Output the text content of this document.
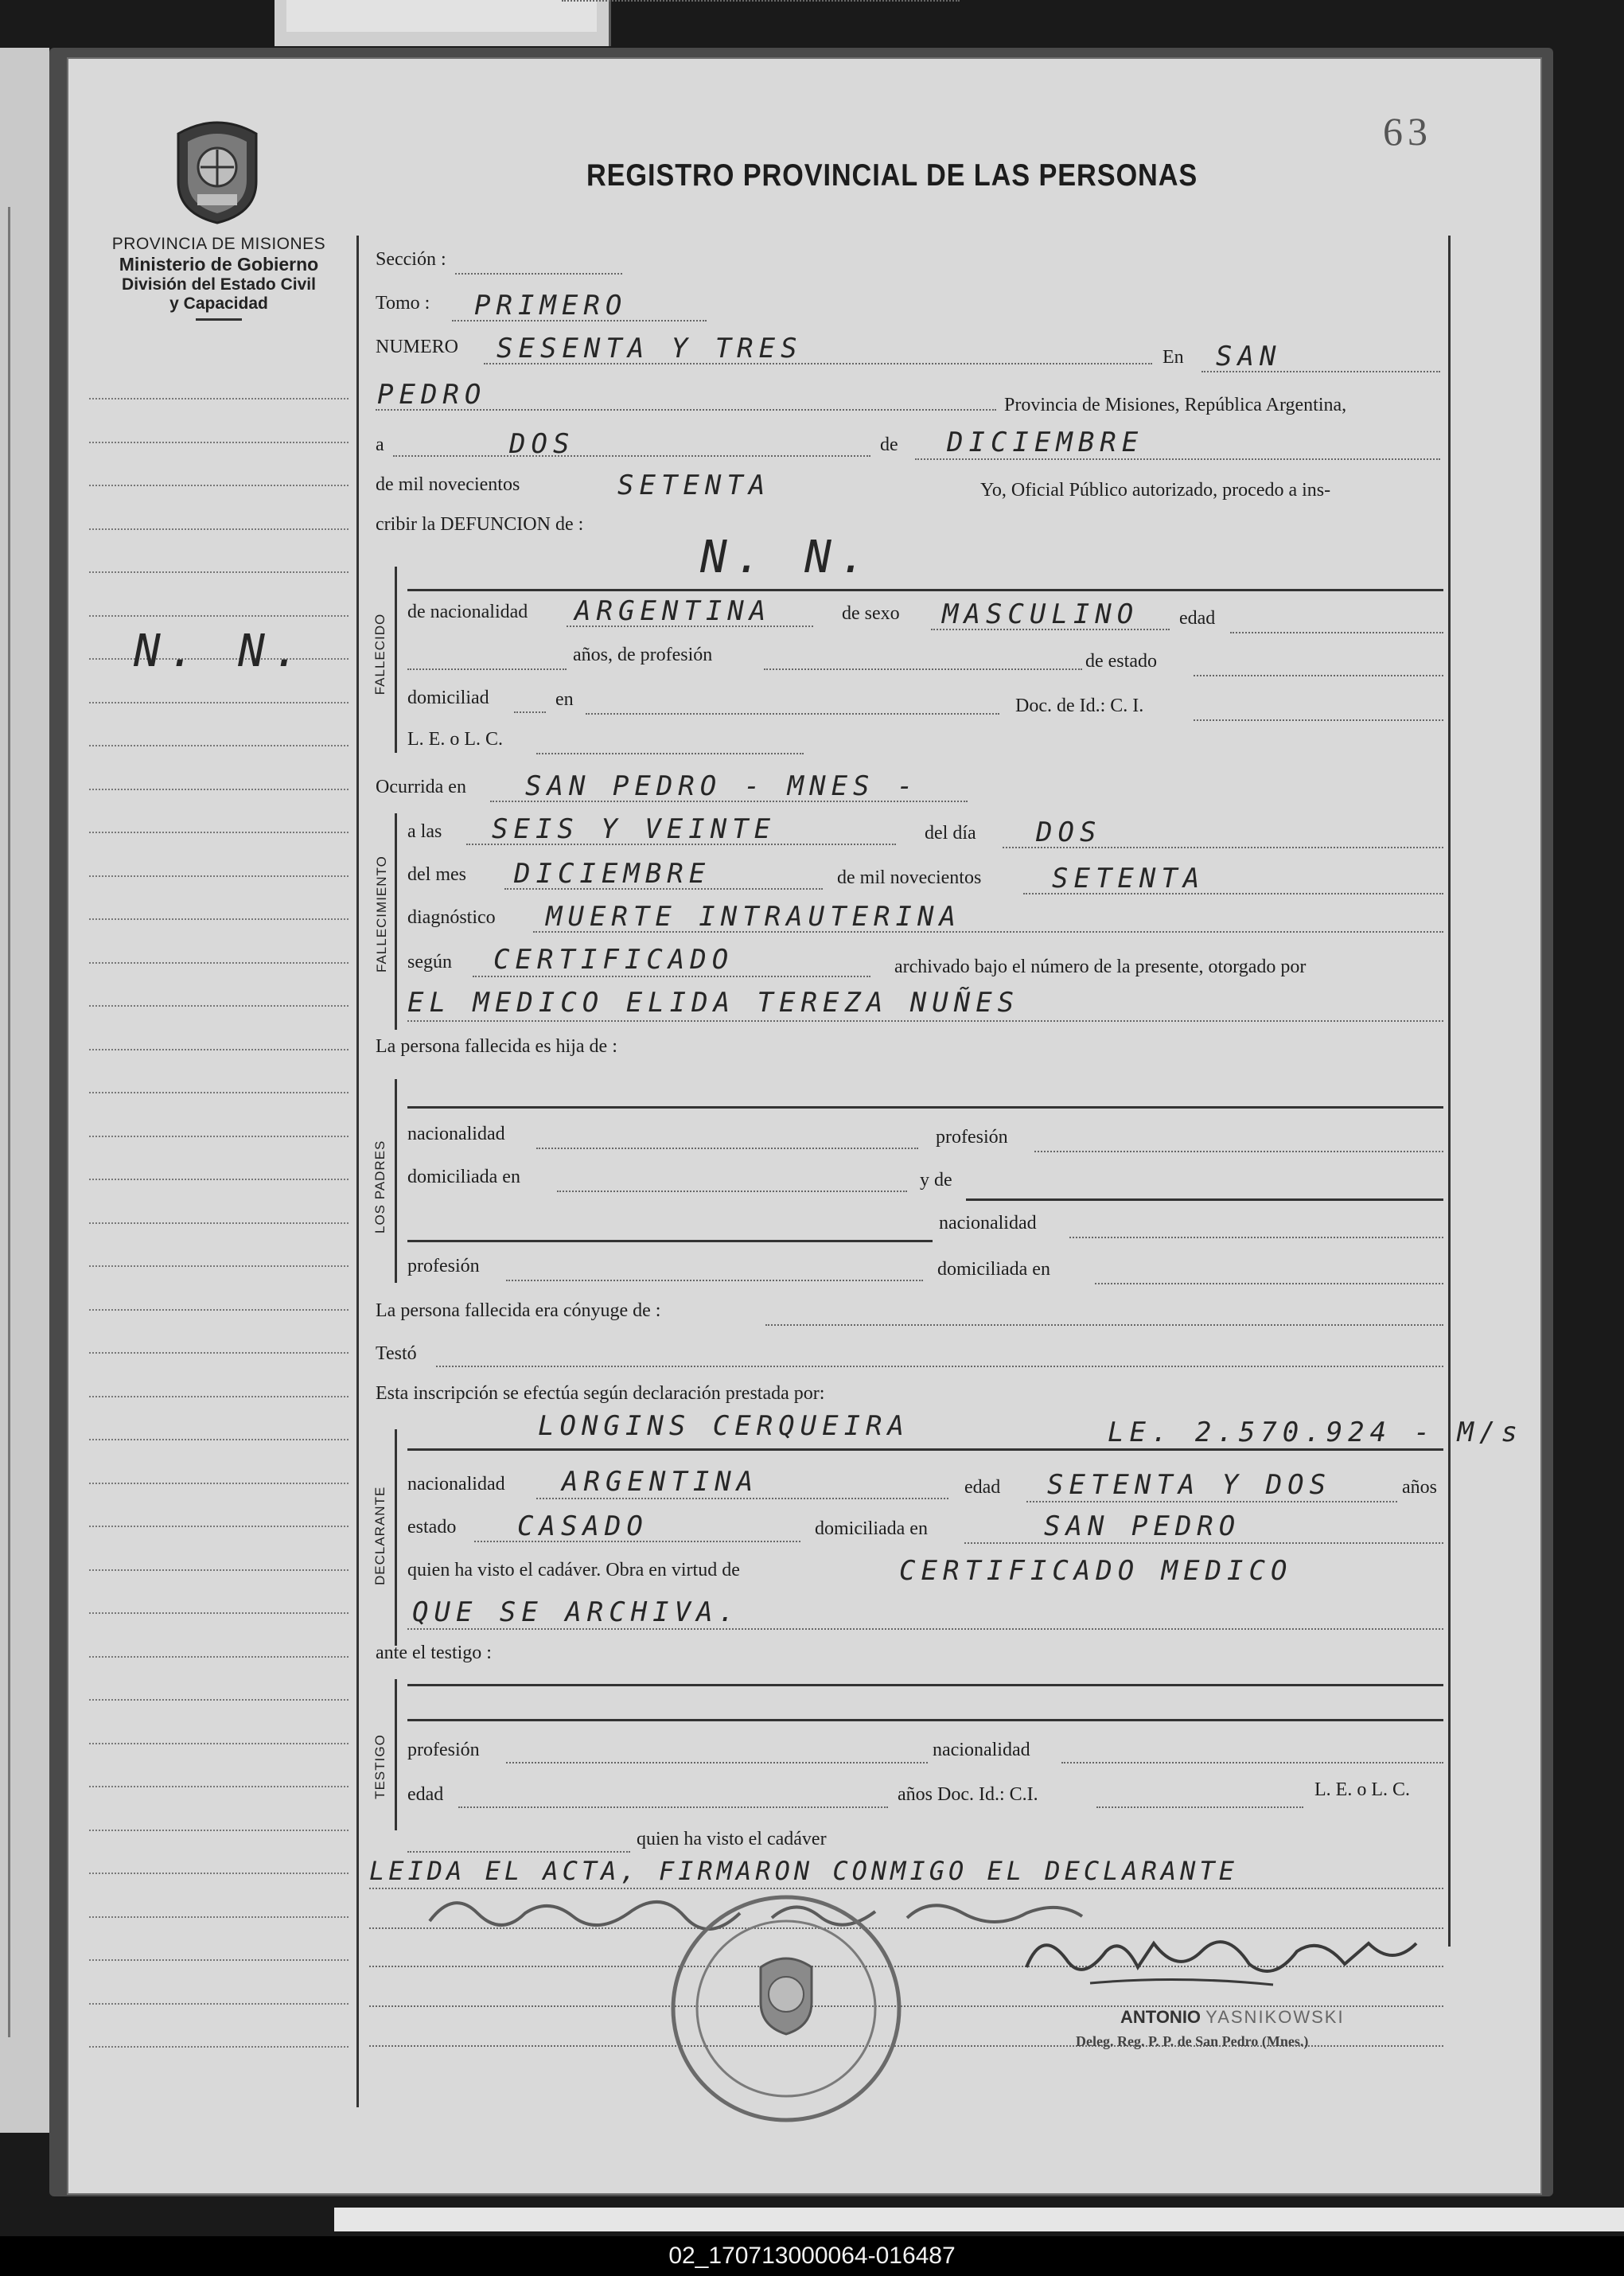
PROVINCIA DE MISIONES
Ministerio de Gobierno
División del Estado Civil
y Capacidad
63
REGISTRO PROVINCIAL DE LAS PERSONAS
N. N.
Sección :
Tomo : PRIMERO
NUMERO SESENTA Y TRES	En SAN
PEDRO	Provincia de Misiones, República Argentina,
a	DOS	de DICIEMBRE
de mil novecientos	SETENTA	Yo, Oficial Público autorizado, procedo a ins-
cribir la DEFUNCION de :
N. N.
FALLECIDO
de nacionalidad ARGENTINA	de sexo MASCULINO edad
años, de profesión	de estado
domiciliad	en	Doc. de Id.: C. I.
L. E. o L. C.
Ocurrida en SAN PEDRO - MNES -
FALLECIMIENTO
a las SEIS Y VEINTE	del día DOS
del mes DICIEMBRE	de mil novecientos	SETENTA
diagnóstico MUERTE INTRAUTERINA
según CERTIFICADO	archivado bajo el número de la presente, otorgado por
EL MEDICO ELIDA TEREZA NUÑES
La persona fallecida es hija de :
LOS PADRES
nacionalidad	profesión
domiciliada en	y de
nacionalidad
profesión	domiciliada en
La persona fallecida era cónyuge de :
Testó
Esta inscripción se efectúa según declaración prestada por:
LONGINS CERQUEIRA	LE. 2.570.924 - M/s
DECLARANTE
nacionalidad ARGENTINA	edad SETENTA Y DOS	años
estado CASADO	domiciliada en	SAN PEDRO
quien ha visto el cadáver. Obra en virtud de	CERTIFICADO MEDICO
QUE SE ARCHIVA.
ante el testigo :
TESTIGO profesión	nacionalidad
edad	años Doc. Id.: C.I.	L. E. o L. C.
quien ha visto el cadáver
LEIDA EL ACTA, FIRMARON CONMIGO EL DECLARANTE
ANTONIO YASNIKOWSKI
Deleg. Reg. P. P. de San Pedro (Mnes.)
02_170713000064-016487
